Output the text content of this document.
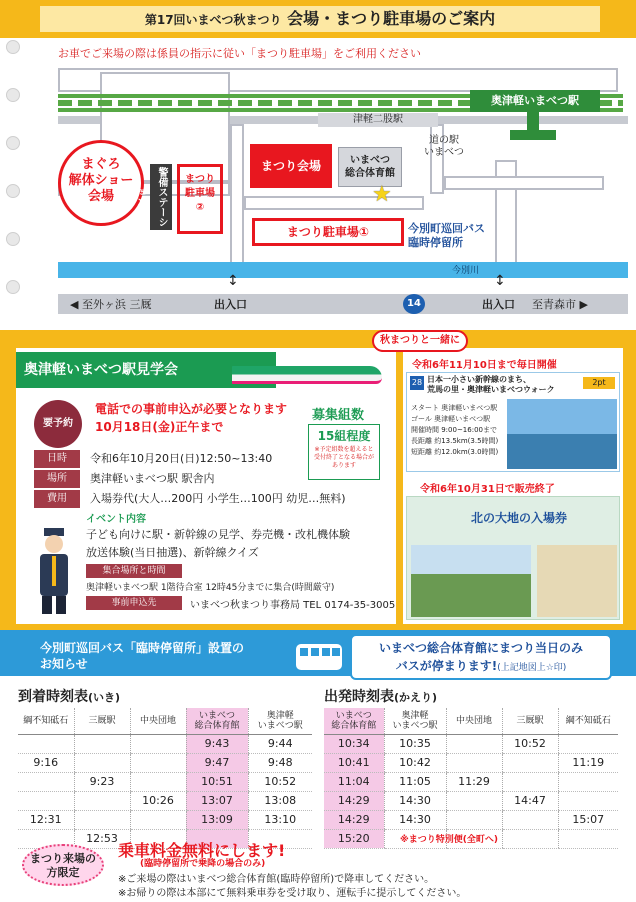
第17回いまべつ秋まつり 会場・まつり駐車場のご案内
お車でご来場の際は係員の指示に従い「まつり駐車場」をご利用ください
奥津軽いまべつ駅
津軽二股駅
道の駅
いまべつ
まぐろ
解体ショー
会場	警備ステーション
まつり
駐車場
②
まつり会場	いまべつ
総合体育館
★
まつり駐車場①	今別町巡回バス
臨時停留所
今別川
↕	↕
◀ 至外ヶ浜 三厩	至青森市 ▶
14
出入口	出入口
奥津軽いまべつ駅見学会
要予約
電話での事前申込が必要となります
10月18日(金)正午まで
募集組数
15組程度
※予定組数を超えると受付終了となる場合があります
日時	令和6年10月20日(日)12:50~13:40
場所	奥津軽いまべつ駅 駅舎内
費用	入場券代(大人…200円 小学生…100円 幼児…無料)
イベント内容
子ども向けに駅・新幹線の見学、券売機・改札機体験
放送体験(当日抽選)、新幹線クイズ
集合場所と時間
奥津軽いまべつ駅 1階待合室 12時45分までに集合(時間厳守)
事前申込先	いまべつ秋まつり事務局 TEL 0174-35-3005
秋まつりと一緒に
令和6年11月10日まで毎日開催
28 日本一小さい新幹線のまち、
荒馬の里・奥津軽いまべつウォーク
2pt
スタート 奥津軽いまべつ駅
ゴール 奥津軽いまべつ駅
開催時間 9:00~16:00まで
長距離 約13.5km(3.5時間)
短距離 約12.0km(3.0時間)
令和6年10月31日で販売終了
北の大地の入場券
今別町巡回バス「臨時停留所」設置の
お知らせ
いまべつ総合体育館にまつり当日のみ
バスが停まります!(上記地図上☆印)
到着時刻表(いき)
綱不知砥石	三厩駅	中央団地	いまべつ
総合体育館	奥津軽
いまべつ駅
			9:43	9:44
9:16			9:47	9:48
	9:23		10:51	10:52
		10:26	13:07	13:08
12:31			13:09	13:10
	12:53			
出発時刻表(かえり)
いまべつ
総合体育館	奥津軽
いまべつ駅	中央団地	三厩駅	綱不知砥石
10:34	10:35		10:52	
10:41	10:42			11:19
11:04	11:05	11:29		
14:29	14:30		14:47	
14:29	14:30			15:07
15:20					※まつり特別便(全町へ)
まつり来場の
方限定
乗車料金無料にします!
(臨時停留所で乗降の場合のみ)
※ご来場の際はいまべつ総合体育館(臨時停留所)で降車してください。
※お帰りの際は本部にて無料乗車券を受け取り、運転手に提示してください。
